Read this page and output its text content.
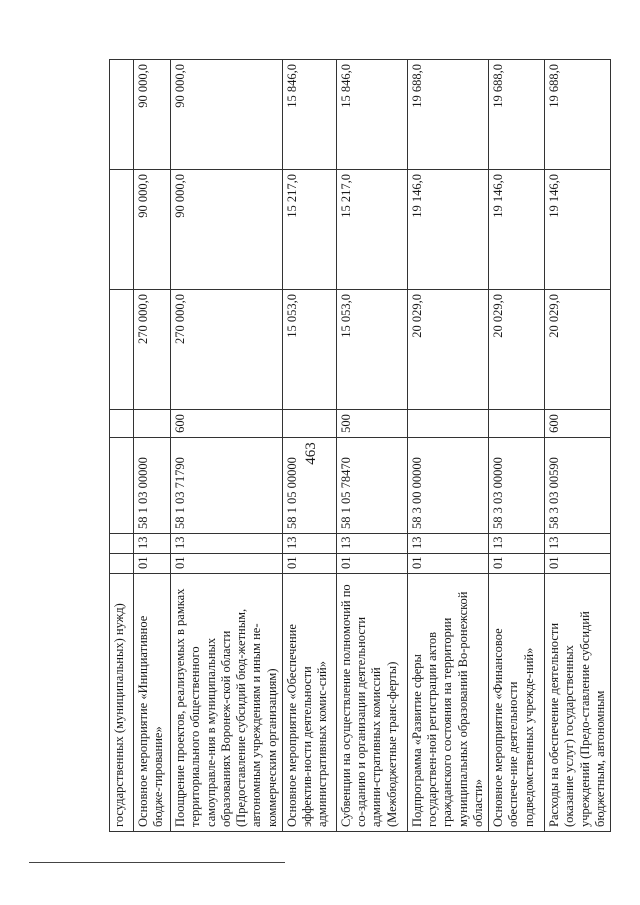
463
государственных (муниципальных) нужд)							
Основное мероприятие «Инициативное бюдже-тирование»	01	13	58 1 03 00000		270 000,0	90 000,0	90 000,0
Поощрение проектов, реализуемых в рамках территориального общественного самоуправле-ния в муниципальных образованиях Воронеж-ской области (Предоставление субсидий бюд-жетным, автономным учреждениям и иным не-коммерческим организациям)	01	13	58 1 03 71790	600	270 000,0	90 000,0	90 000,0
Основное мероприятие «Обеспечение эффектив-ности деятельности административных комис-сий»	01	13	58 1 05 00000		15 053,0	15 217,0	15 846,0
Субвенции на осуществление полномочий по со-зданию и организации деятельности админи-стративных комиссий (Межбюджетные транс-ферты)	01	13	58 1 05 78470	500	15 053,0	15 217,0	15 846,0
Подпрограмма «Развитие сферы государствен-ной регистрации актов гражданского состояния на территории муниципальных образований Во-ронежской области»	01	13	58 3 00 00000		20 029,0	19 146,0	19 688,0
Основное мероприятие «Финансовое обеспече-ние деятельности подведомственных учрежде-ний»	01	13	58 3 03 00000		20 029,0	19 146,0	19 688,0
Расходы на обеспечение деятельности (оказание услуг) государственных учреждений (Предо-ставление субсидий бюджетным, автономным	01	13	58 3 03 00590	600	20 029,0	19 146,0	19 688,0
